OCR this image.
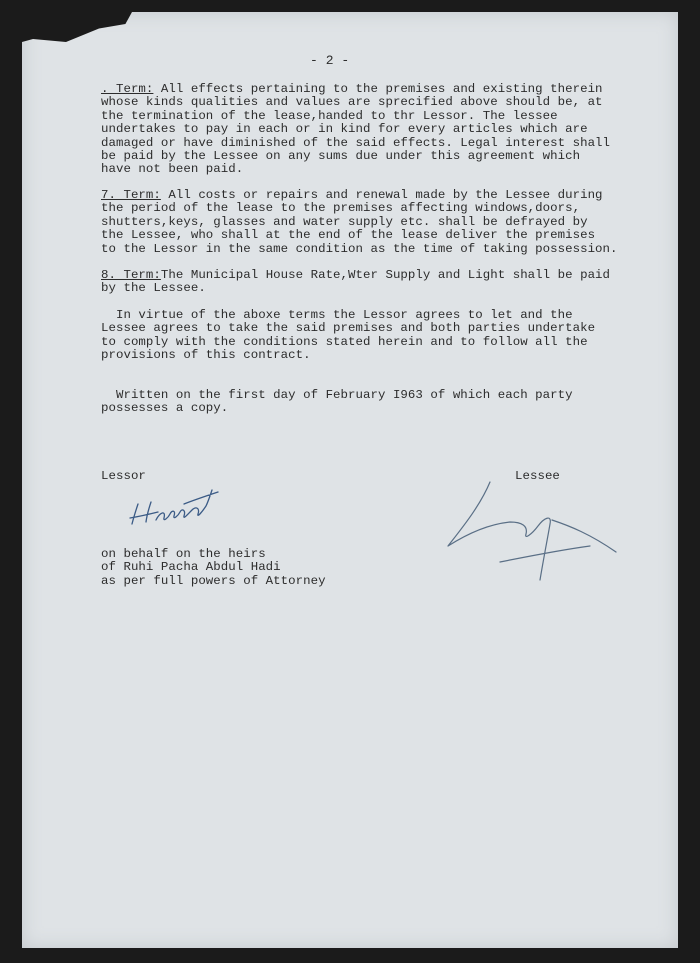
- 2 -
. Term: All effects pertaining to the premises and existing therein
whose kinds qualities and values are sprecified above should be, at
the termination of the lease,handed to thr Lessor. The lessee
undertakes to pay in each or in kind for every articles which are
damaged or have diminished of the said effects. Legal interest shall
be paid by the Lessee on any sums due under this agreement which
have not been paid.
7. Term: All costs or repairs and renewal made by the Lessee during
the period of the lease to the premises affecting windows,doors,
shutters,keys, glasses and water supply etc. shall be defrayed by
the Lessee, who shall at the end of the lease deliver the premises
to the Lessor in the same condition as the time of taking possession.
8. Term:The Municipal House Rate,Wter Supply and Light shall be paid
by the Lessee.
In virtue of the aboxe terms the Lessor agrees to let and the
Lessee agrees to take the said premises and both parties undertake
to comply with the conditions stated herein and to follow all the
provisions of this contract.
Written on the first day of February I963 of which each party
possesses a copy.
Lessor	Lessee
on behalf on the heirs
of Ruhi Pacha Abdul Hadi
as per full powers of Attorney
